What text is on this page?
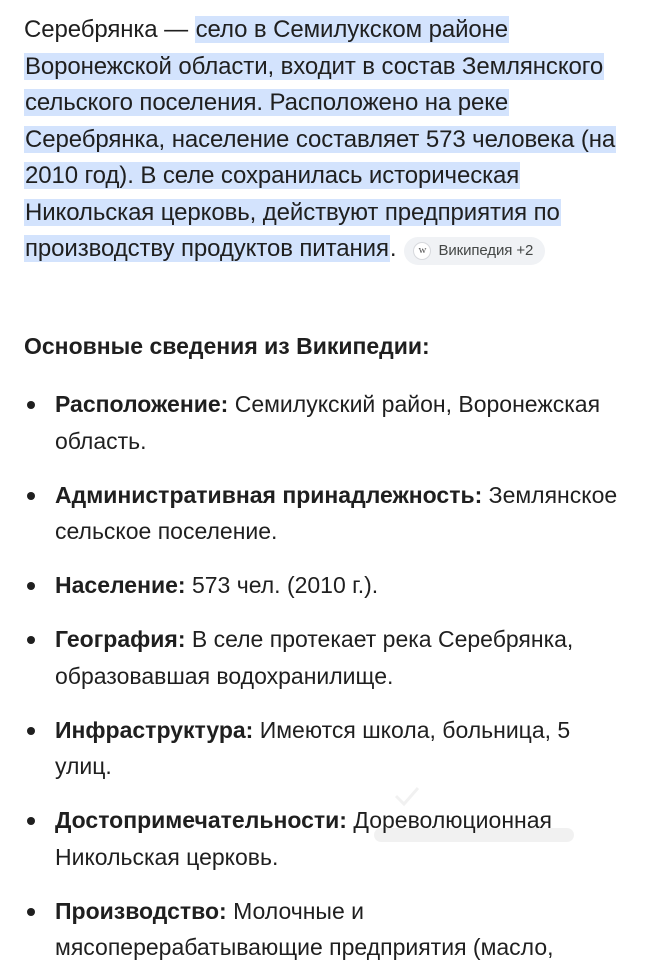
Серебрянка — село в Семилукском районе Воронежской области, входит в состав Землянского сельского поселения. Расположено на реке Серебрянка, население составляет 573 человека (на 2010 год). В селе сохранилась историческая Никольская церковь, действуют предприятия по производству продуктов питания.	w Википедия +2
Основные сведения из Википедии:
Расположение: Семилукский район, Воронежская область.
Административная принадлежность: Землянское сельское поселение.
Население: 573 чел. (2010 г.).
География: В селе протекает река Серебрянка, образовавшая водохранилище.
Инфраструктура: Имеются школа, больница, 5 улиц.
Достопримечательности: Дореволюционная Никольская церковь.
Производство: Молочные и мясоперерабатывающие предприятия (масло,
